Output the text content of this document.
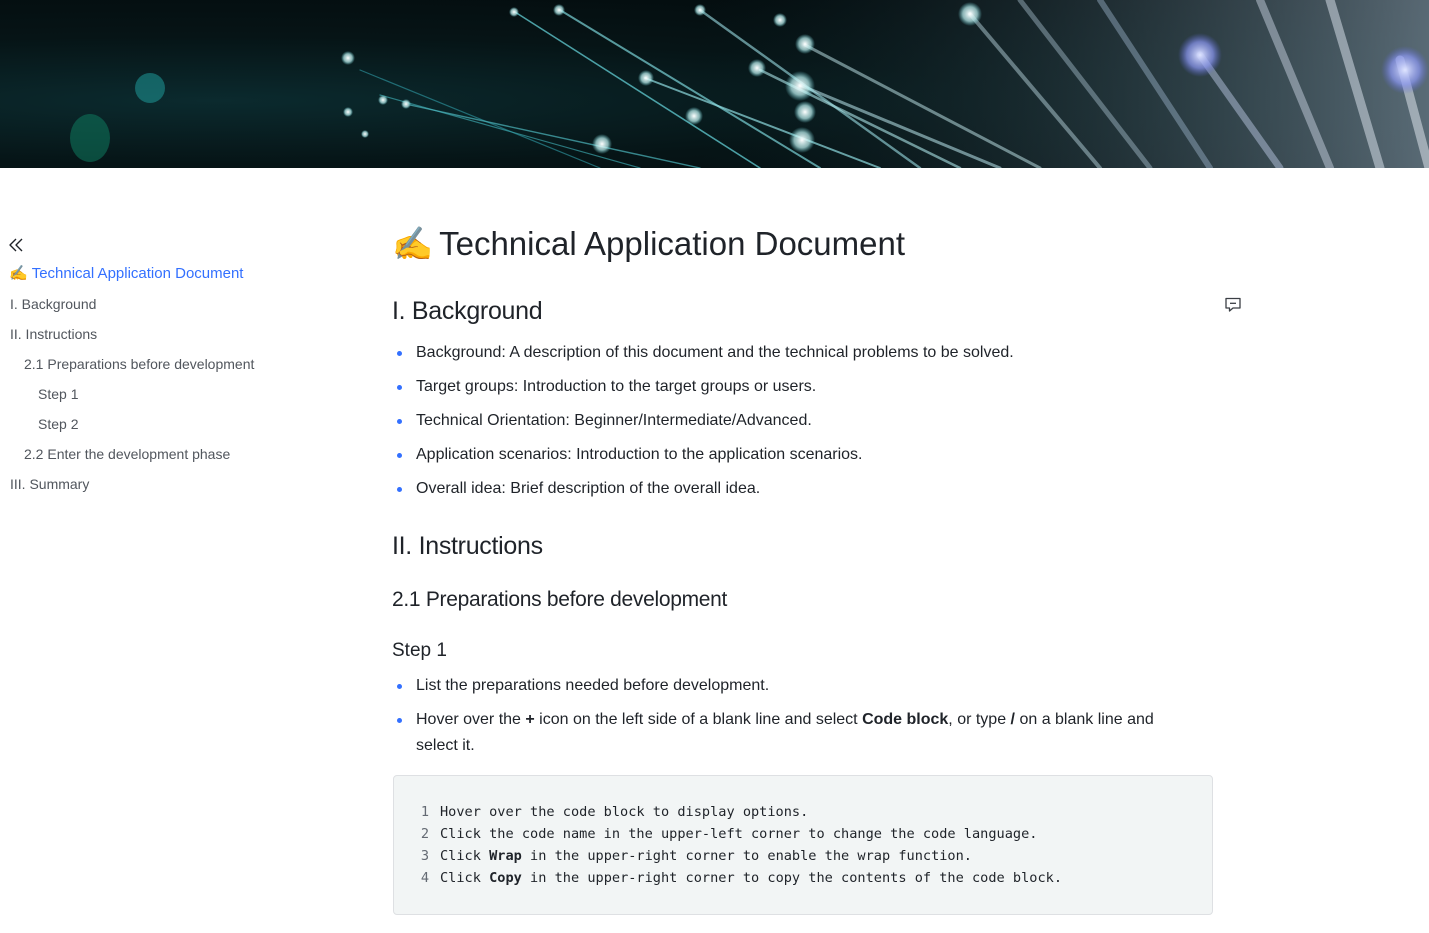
✍️ Technical Application Document
I. Background
II. Instructions
2.1 Preparations before development
Step 1
Step 2
2.2 Enter the development phase
III. Summary
✍️ Technical Application Document
I. Background
Background: A description of this document and the technical problems to be solved.
Target groups: Introduction to the target groups or users.
Technical Orientation: Beginner/Intermediate/Advanced.
Application scenarios: Introduction to the application scenarios.
Overall idea: Brief description of the overall idea.
II. Instructions
2.1 Preparations before development
Step 1
List the preparations needed before development.
Hover over the + icon on the left side of a blank line and select Code block, or type / on a blank line and select it.
1 Hover over the code block to display options.
2 Click the code name in the upper-left corner to change the code language.
3 Click Wrap in the upper-right corner to enable the wrap function.
4 Click Copy in the upper-right corner to copy the contents of the code block.
